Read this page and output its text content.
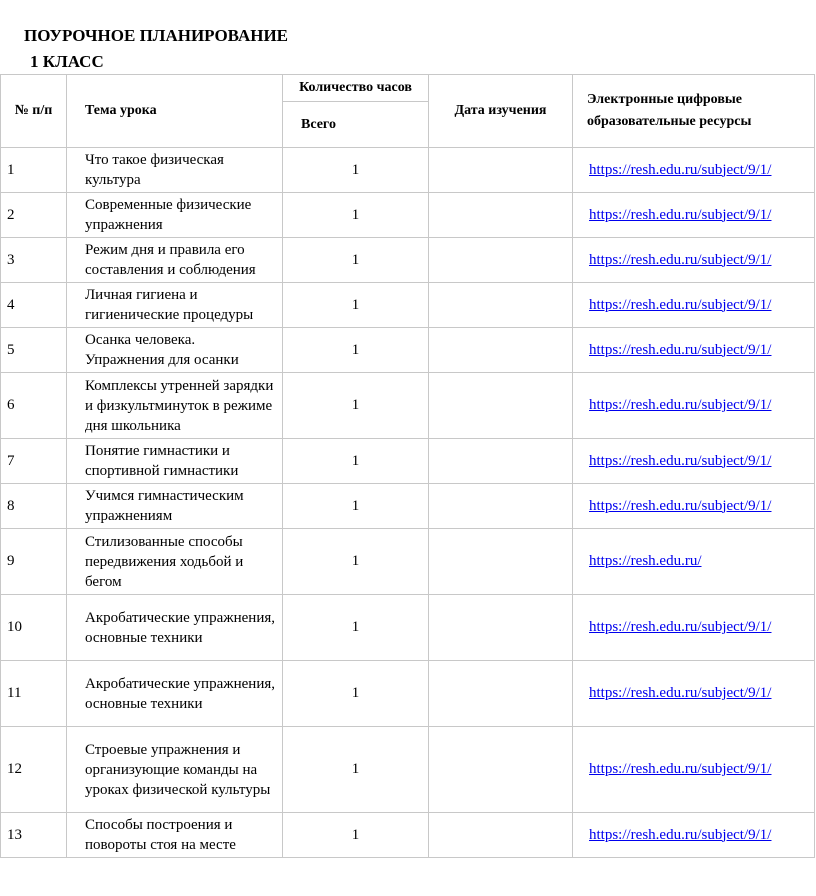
ПОУРОЧНОЕ ПЛАНИРОВАНИЕ
1 КЛАСС
№ п/п	Тема урока	Количество часов	Дата изучения	Электронные цифровые образовательные ресурсы
		Всего		
1	Что такое физическая культура	1		https://resh.edu.ru/subject/9/1/
2	Современные физические упражнения	1		https://resh.edu.ru/subject/9/1/
3	Режим дня и правила его составления и соблюдения	1		https://resh.edu.ru/subject/9/1/
4	Личная гигиена и гигиенические процедуры	1		https://resh.edu.ru/subject/9/1/
5	Осанка человека. Упражнения для осанки	1		https://resh.edu.ru/subject/9/1/
6	Комплексы утренней зарядки и физкультминуток в режиме дня школьника	1		https://resh.edu.ru/subject/9/1/
7	Понятие гимнастики и спортивной гимнастики	1		https://resh.edu.ru/subject/9/1/
8	Учимся гимнастическим упражнениям	1		https://resh.edu.ru/subject/9/1/
9	Стилизованные способы передвижения ходьбой и бегом	1		https://resh.edu.ru/
10	Акробатические упражнения, основные техники	1		https://resh.edu.ru/subject/9/1/
11	Акробатические упражнения, основные техники	1		https://resh.edu.ru/subject/9/1/
12	Строевые упражнения и организующие команды на уроках физической культуры	1		https://resh.edu.ru/subject/9/1/
13	Способы построения и повороты стоя на месте	1		https://resh.edu.ru/subject/9/1/
